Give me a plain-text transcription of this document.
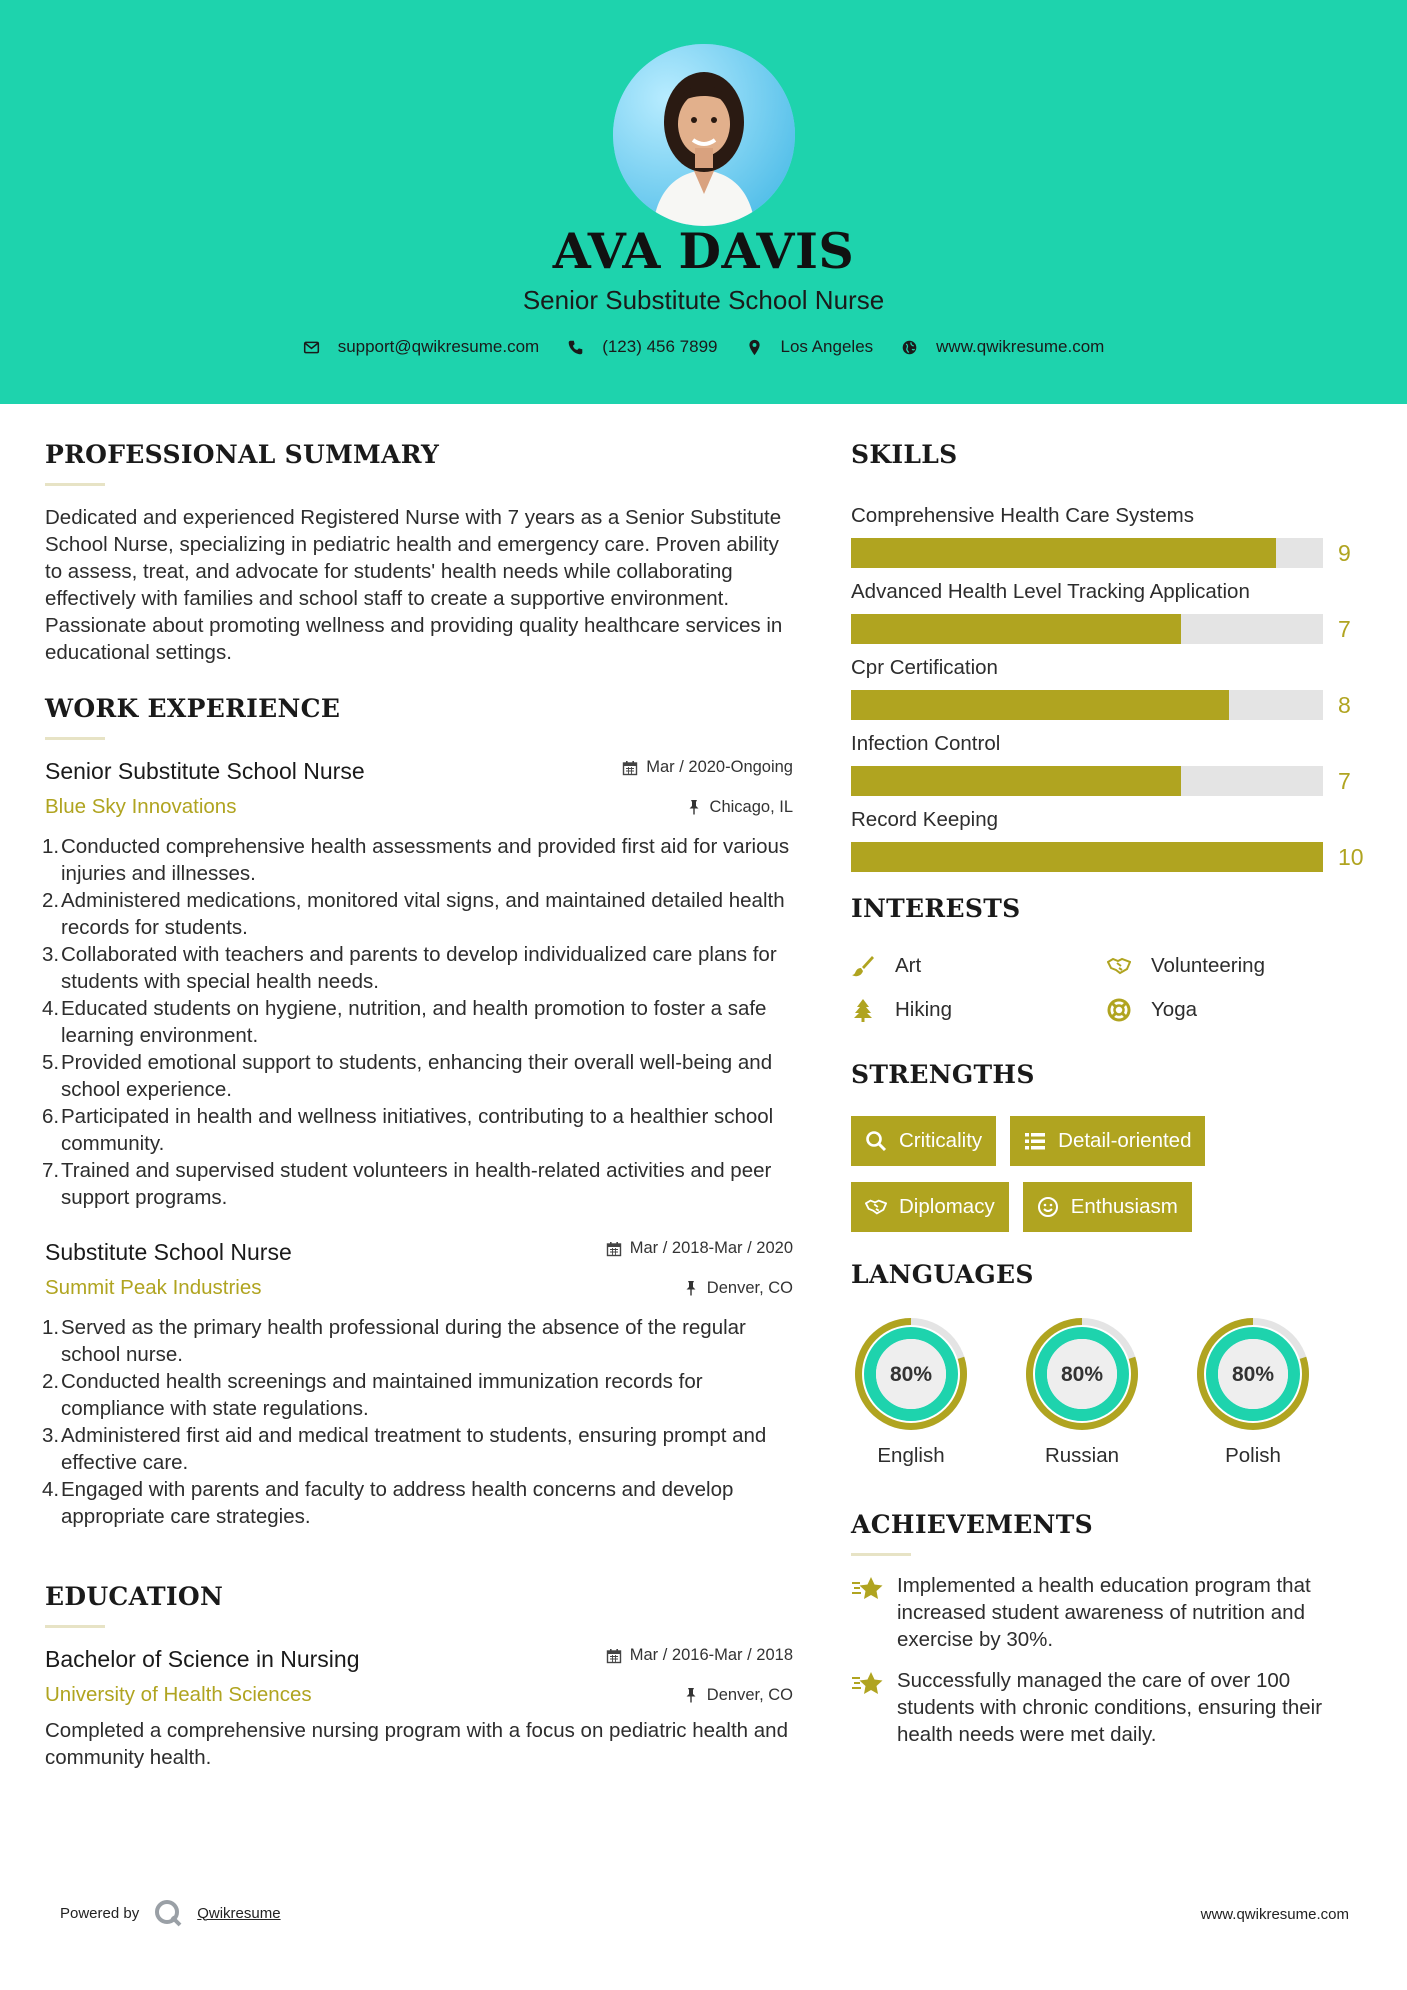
AVA DAVIS
Senior Substitute School Nurse
support@qwikresume.com	(123) 456 7899	Los Angeles	www.qwikresume.com
PROFESSIONAL SUMMARY
Dedicated and experienced Registered Nurse with 7 years as a Senior Substitute School Nurse, specializing in pediatric health and emergency care. Proven ability to assess, treat, and advocate for students' health needs while collaborating effectively with families and school staff to create a supportive environment. Passionate about promoting wellness and providing quality healthcare services in educational settings.
WORK EXPERIENCE
Senior Substitute School Nurse	Mar / 2020-Ongoing
Blue Sky Innovations	Chicago, IL
1. Conducted comprehensive health assessments and provided first aid for various injuries and illnesses.
2. Administered medications, monitored vital signs, and maintained detailed health records for students.
3. Collaborated with teachers and parents to develop individualized care plans for students with special health needs.
4. Educated students on hygiene, nutrition, and health promotion to foster a safe learning environment.
5. Provided emotional support to students, enhancing their overall well-being and school experience.
6. Participated in health and wellness initiatives, contributing to a healthier school community.
7. Trained and supervised student volunteers in health-related activities and peer support programs.
Substitute School Nurse	Mar / 2018-Mar / 2020
Summit Peak Industries	Denver, CO
1. Served as the primary health professional during the absence of the regular school nurse.
2. Conducted health screenings and maintained immunization records for compliance with state regulations.
3. Administered first aid and medical treatment to students, ensuring prompt and effective care.
4. Engaged with parents and faculty to address health concerns and develop appropriate care strategies.
EDUCATION
Bachelor of Science in Nursing	Mar / 2016-Mar / 2018
University of Health Sciences	Denver, CO
Completed a comprehensive nursing program with a focus on pediatric health and community health.
SKILLS
Comprehensive Health Care Systems
9
Advanced Health Level Tracking Application
7
Cpr Certification
8
Infection Control
7
Record Keeping
10
INTERESTS
Art	Volunteering
Hiking	Yoga
STRENGTHS
Criticality	Detail-oriented
Diplomacy	Enthusiasm
LANGUAGES
80%
English
80%
Russian
80%
Polish
ACHIEVEMENTS
Implemented a health education program that increased student awareness of nutrition and exercise by 30%.
Successfully managed the care of over 100 students with chronic conditions, ensuring their health needs were met daily.
Powered by	Qwikresume	www.qwikresume.com
